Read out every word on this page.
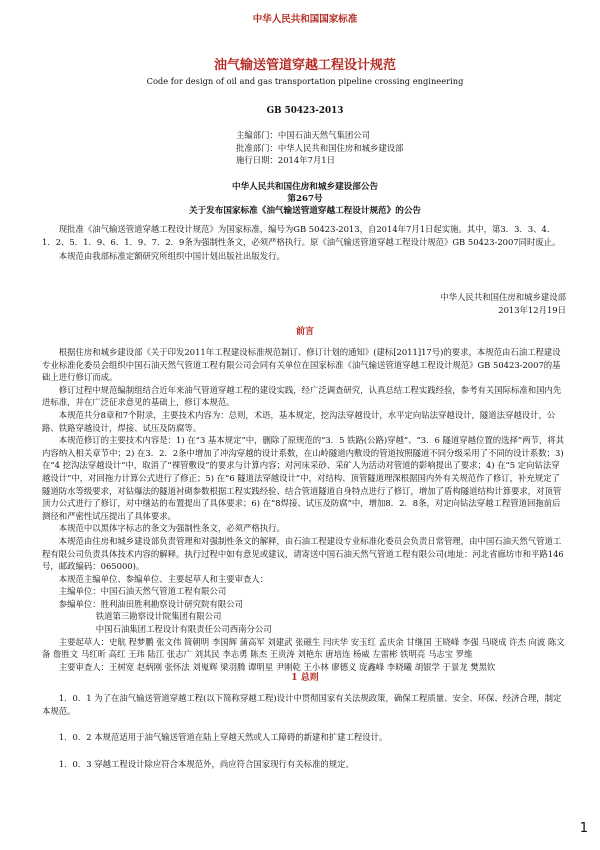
中华人民共和国国家标准
油气输送管道穿越工程设计规范
Code for design of oil and gas transportation pipeline crossing engineering
GB 50423-2013

主编部门：中国石油天然气集团公司

批准部门：中华人民共和国住房和城乡建设部

施行日期：2014年7月1日

中华人民共和国住房和城乡建设部公告
第267号
关于发布国家标准《油气输送管道穿越工程设计规范》的公告

现批准《油气输送管道穿越工程设计规范》为国家标准，编号为GB 50423-2013，自2014年7月1日起实施。其中，第3．3．3、4．1．2、5．1．9、6．1．9、7．2．9条为强制性条文，必须严格执行。原《油气输送管道穿越工程设计规范》GB 50423-2007同时废止。

本规范由我部标准定额研究所组织中国计划出版社出版发行。

中华人民共和国住房和城乡建设部

2013年12月19日

前言

根据住房和城乡建设部《关于印发2011年工程建设标准规范制订、修订计划的通知》(建标[2011]17号)的要求，本规范由石油工程建设专业标准化委员会组织中国石油天然气管道工程有限公司会同有关单位在国家标准《油气输送管道穿越工程设计规范》GB 50423-2007的基础上进行修订而成。

修订过程中规范编制组结合近年来油气管道穿越工程的建设实践，经广泛调查研究，认真总结工程实践经验，参考有关国际标准和国内先进标准，并在广泛征求意见的基础上，修订本规范。

本规范共分8章和7个附录，主要技术内容为：总则，术语，基本规定，挖沟法穿越设计，水平定向钻法穿越设计，隧道法穿越设计，公路、铁路穿越设计，焊接、试压及防腐等。

本规范修订的主要技术内容是：1) 在“3 基本规定”中，删除了原规范的“3．5 铁路(公路)穿越”、“3．6 隧道穿越位置的选择”两节，将其内容纳入相关章节中；2) 在3．2．2条中增加了冲沟穿越的设计系数，在山岭隧道内敷设的管道按照隧道不同分级采用了不同的设计系数；3) 在“4 挖沟法穿越设计”中，取消了“裸管敷设”的要求与计算内容；对河床采砂、采矿人为活动对管道的影响提出了要求；4) 在“5 定向钻法穿越设计”中，对回拖力计算公式进行了修正；5) 在“6 隧道法穿越设计”中，对结构、顶管隧道理深根据国内外有关规范作了修订，补充规定了隧道防水等级要求，对钻爆法的隧道衬砌参数根据工程实践经验、结合管道隧道自身特点进行了修订，增加了盾构隧道结构计算要求，对顶管顶力公式进行了修订，对中继站的布置提出了具体要求；6) 在“8焊接、试压及防腐”中，增加8．2．8条，对定向钻法穿越工程管道回拖前后测径和严密性试压提出了具体要求。

本规范中以黑体字标志的条文为强制性条文，必须严格执行。

本规范由住房和城乡建设部负责管理和对强制性条文的解释，由石油工程建设专业标准化委员会负责日常管理，由中国石油天然气管道工程有限公司负责具体技术内容的解释。执行过程中如有意见或建议，请寄送中国石油天然气管道工程有限公司(地址：河北省廊坊市和平路146号，邮政编码：065000)。

本规范主编单位、参编单位、主要起草人和主要审查人：

主编单位：中国石油天然气管道工程有限公司

参编单位：胜利油田胜利勘察设计研究院有限公司

铁道第三勘察设计院集团有限公司

中国石油集团工程设计有限责任公司西南分公司

主要起草人：史航 程梦鹏 张文伟 简朝明 李国辉 蒲高军 刘建武 张磁生 闫庆华 安玉红 孟庆余 甘继国 王晓峰 李强 马晓成 许杰 向波 陈文备 詹胜文 马红昕 高红 王玮 陆江 张志广 刘其民 李志勇 陈杰 王贵涛 刘艳东 唐培连 杨威 左雷彬 铁明亮 马志宝 罗维

主要审查人：王树宽 赵炳刚 张怀法 刘嵬辉 梁羽腾 谭明星 尹刚乾 王小林 廖德义 庞鑫峰 李晓曦 胡银学 于景龙 樊黑钦

1 总则

1．0．1 为了在油气输送管道穿越工程(以下简称穿越工程)设计中贯彻国家有关法规政策，确保工程质量、安全、环保、经济合理，制定本规范。

1．0．2 本规范适用于油气输送管道在陆上穿越天然或人工障碍的新建和扩建工程设计。

1．0．3 穿越工程设计除应符合本规范外，尚应符合国家现行有关标准的规定。

1
